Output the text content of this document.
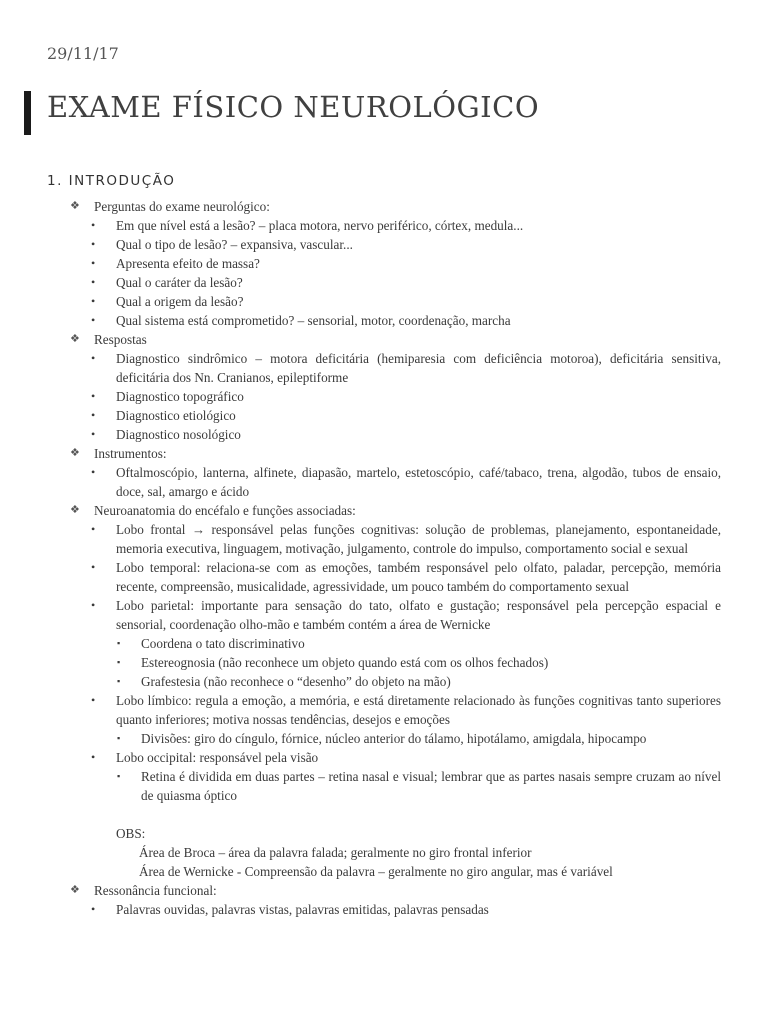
29/11/17
EXAME FÍSICO NEUROLÓGICO
1. INTRODUÇÃO
❖ Perguntas do exame neurológico:
• Em que nível está a lesão? – placa motora, nervo periférico, córtex, medula...
• Qual o tipo de lesão? – expansiva, vascular...
• Apresenta efeito de massa?
• Qual o caráter da lesão?
• Qual a origem da lesão?
• Qual sistema está comprometido? – sensorial, motor, coordenação, marcha
❖ Respostas
• Diagnostico sindrômico – motora deficitária (hemiparesia com deficiência motoroa), deficitária sensitiva, deficitária dos Nn. Cranianos, epileptiforme
• Diagnostico topográfico
• Diagnostico etiológico
• Diagnostico nosológico
❖ Instrumentos:
• Oftalmoscópio, lanterna, alfinete, diapasão, martelo, estetoscópio, café/tabaco, trena, algodão, tubos de ensaio, doce, sal, amargo e ácido
❖ Neuroanatomia do encéfalo e funções associadas:
• Lobo frontal → responsável pelas funções cognitivas: solução de problemas, planejamento, espontaneidade, memoria executiva, linguagem, motivação, julgamento, controle do impulso, comportamento social e sexual
• Lobo temporal: relaciona-se com as emoções, também responsável pelo olfato, paladar, percepção, memória recente, compreensão, musicalidade, agressividade, um pouco também do comportamento sexual
• Lobo parietal: importante para sensação do tato, olfato e gustação; responsável pela percepção espacial e sensorial, coordenação olho-mão e também contém a área de Wernicke
▪ Coordena o tato discriminativo
▪ Estereognosia (não reconhece um objeto quando está com os olhos fechados)
▪ Grafestesia (não reconhece o “desenho” do objeto na mão)
• Lobo límbico: regula a emoção, a memória, e está diretamente relacionado às funções cognitivas tanto superiores quanto inferiores; motiva nossas tendências, desejos e emoções
▪ Divisões: giro do cíngulo, fórnice, núcleo anterior do tálamo, hipotálamo, amigdala, hipocampo
• Lobo occipital: responsável pela visão
▪ Retina é dividida em duas partes – retina nasal e visual; lembrar que as partes nasais sempre cruzam ao nível de quiasma óptico
OBS:
Área de Broca – área da palavra falada; geralmente no giro frontal inferior
Área de Wernicke - Compreensão da palavra – geralmente no giro angular, mas é variável
❖ Ressonância funcional:
• Palavras ouvidas, palavras vistas, palavras emitidas, palavras pensadas
